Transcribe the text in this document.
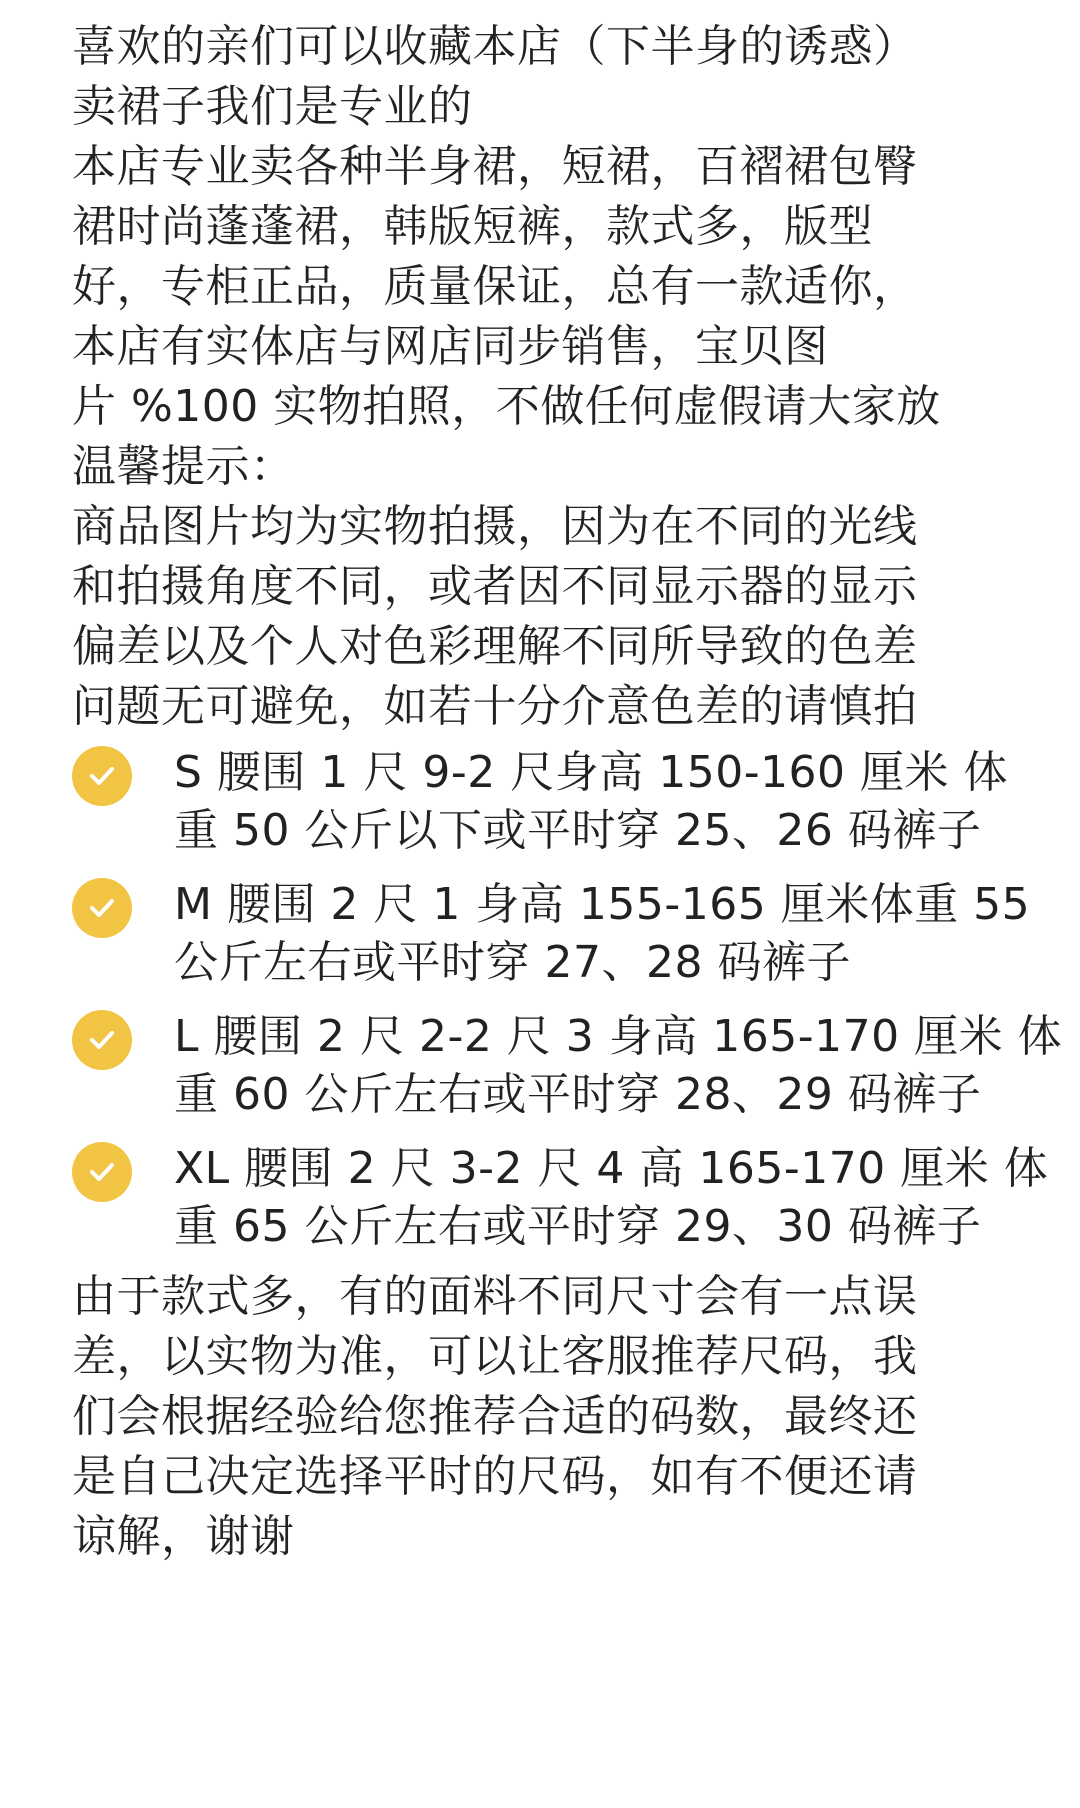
喜欢的亲们可以收藏本店（下半身的诱惑）
卖裙子我们是专业的
本店专业卖各种半身裙，短裙，百褶裙包臀
裙时尚蓬蓬裙，韩版短裤，款式多，版型
好，专柜正品，质量保证，总有一款适你，
本店有实体店与网店同步销售，宝贝图
片 %100 实物拍照，不做任何虚假请大家放
温馨提示：
商品图片均为实物拍摄，因为在不同的光线
和拍摄角度不同，或者因不同显示器的显示
偏差以及个人对色彩理解不同所导致的色差
问题无可避免，如若十分介意色差的请慎拍
S 腰围 1 尺 9-2 尺身高 150-160 厘米 体
重 50 公斤以下或平时穿 25、26 码裤子
M 腰围 2 尺 1 身高 155-165 厘米体重 55
公斤左右或平时穿 27、28 码裤子
L 腰围 2 尺 2-2 尺 3 身高 165-170 厘米 体
重 60 公斤左右或平时穿 28、29 码裤子
XL 腰围 2 尺 3-2 尺 4 高 165-170 厘米 体
重 65 公斤左右或平时穿 29、30 码裤子
由于款式多，有的面料不同尺寸会有一点误
差，以实物为准，可以让客服推荐尺码，我
们会根据经验给您推荐合适的码数，最终还
是自己决定选择平时的尺码，如有不便还请
谅解，谢谢
